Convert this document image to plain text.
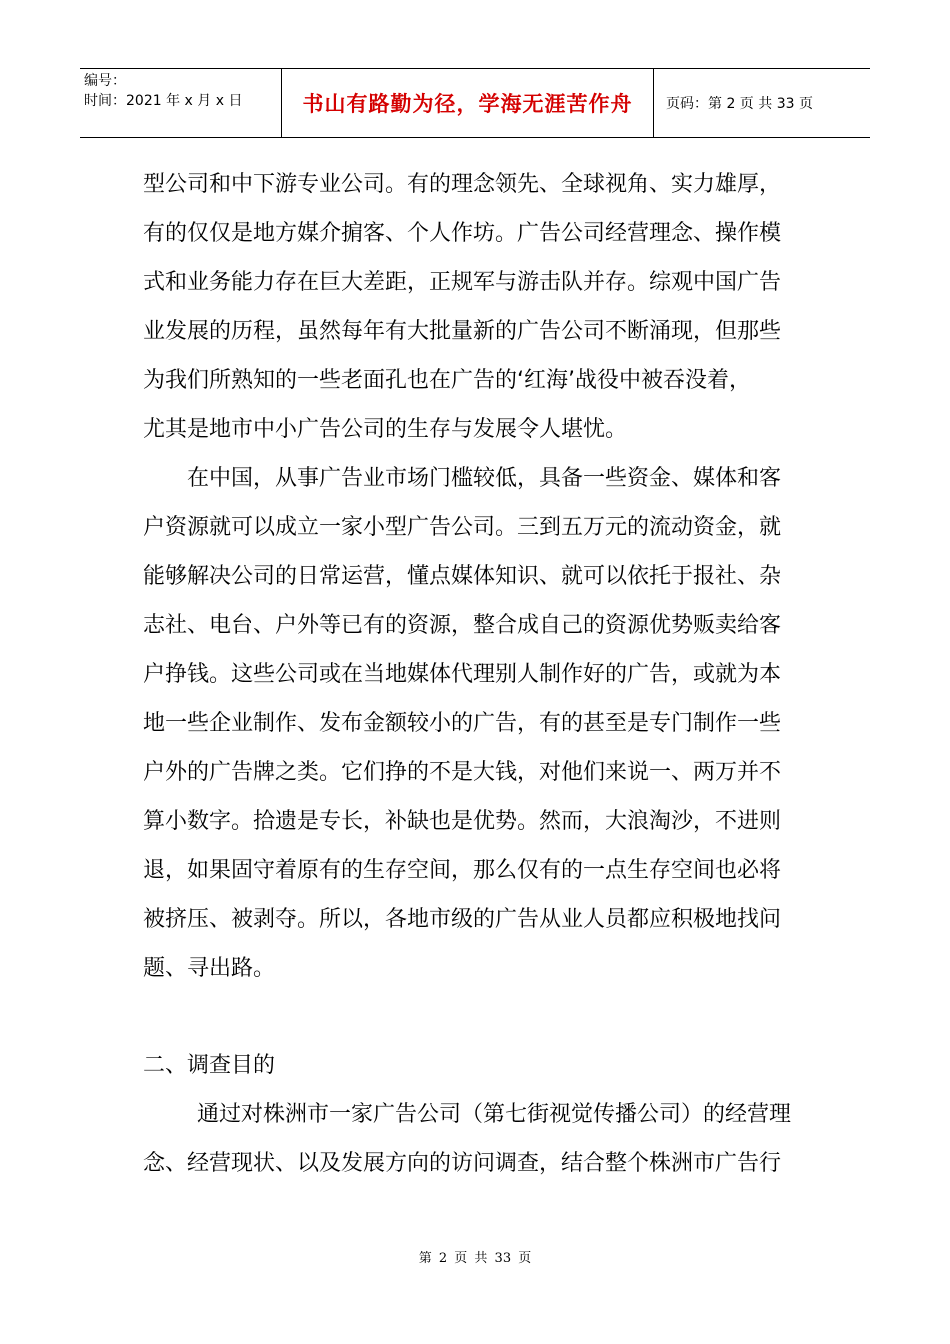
编号：
时间：2021 年 x 月 x 日	书山有路勤为径，学海无涯苦作舟 页码：第 2 页 共 33 页
型公司和中下游专业公司。有的理念领先、全球视角、实力雄厚，
有的仅仅是地方媒介掮客、个人作坊。广告公司经营理念、操作模
式和业务能力存在巨大差距，正规军与游击队并存。综观中国广告
业发展的历程，虽然每年有大批量新的广告公司不断涌现，但那些
为我们所熟知的一些老面孔也在广告的‘红海’战役中被吞没着，
尤其是地市中小广告公司的生存与发展令人堪忧。
在中国，从事广告业市场门槛较低，具备一些资金、媒体和客
户资源就可以成立一家小型广告公司。三到五万元的流动资金，就
能够解决公司的日常运营，懂点媒体知识、就可以依托于报社、杂
志社、电台、户外等已有的资源，整合成自己的资源优势贩卖给客
户挣钱。这些公司或在当地媒体代理别人制作好的广告，或就为本
地一些企业制作、发布金额较小的广告，有的甚至是专门制作一些
户外的广告牌之类。它们挣的不是大钱，对他们来说一、两万并不
算小数字。拾遗是专长，补缺也是优势。然而，大浪淘沙，不进则
退，如果固守着原有的生存空间，那么仅有的一点生存空间也必将
被挤压、被剥夺。所以，各地市级的广告从业人员都应积极地找问
题、寻出路。
二、调查目的
通过对株洲市一家广告公司（第七街视觉传播公司）的经营理
念、经营现状、以及发展方向的访问调查，结合整个株洲市广告行
第 2 页 共 33 页
